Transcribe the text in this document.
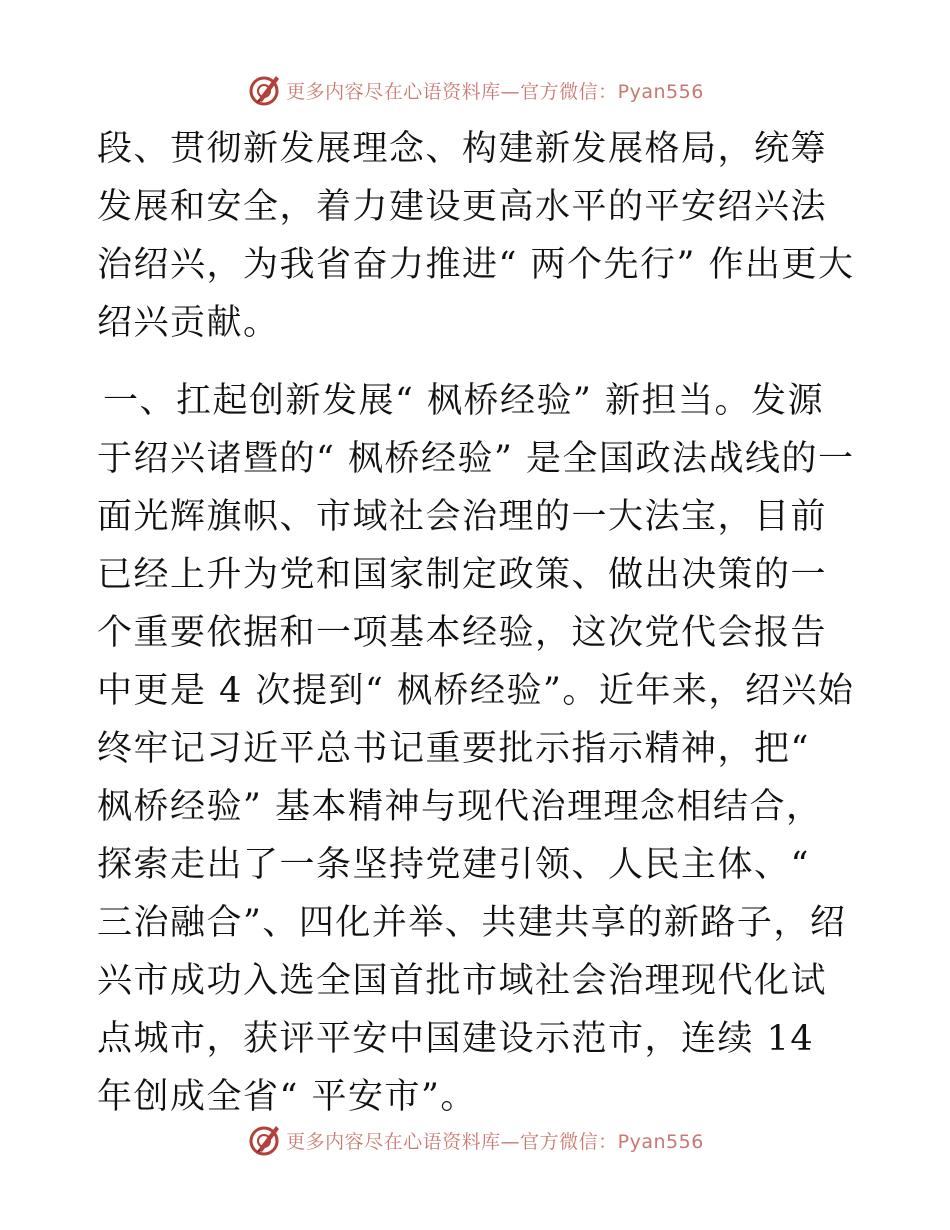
更多内容尽在心语资料库—官方微信：Pyan556

段、贯彻新发展理念、构建新发展格局，统筹发展和安全，着力建设更高水平的平安绍兴法治绍兴，为我省奋力推进“ 两个先行” 作出更大绍兴贡献。

一、扛起创新发展“ 枫桥经验” 新担当。发源于绍兴诸暨的“ 枫桥经验” 是全国政法战线的一面光辉旗帜、市域社会治理的一大法宝，目前已经上升为党和国家制定政策、做出决策的一个重要依据和一项基本经验，这次党代会报告中更是 4 次提到“ 枫桥经验”。近年来，绍兴始终牢记习近平总书记重要批示指示精神，把“ 枫桥经验” 基本精神与现代治理理念相结合，探索走出了一条坚持党建引领、人民主体、“ 三治融合”、四化并举、共建共享的新路子，绍兴市成功入选全国首批市域社会治理现代化试点城市，获评平安中国建设示范市，连续 14 年创成全省“ 平安市”。

更多内容尽在心语资料库—官方微信：Pyan556
